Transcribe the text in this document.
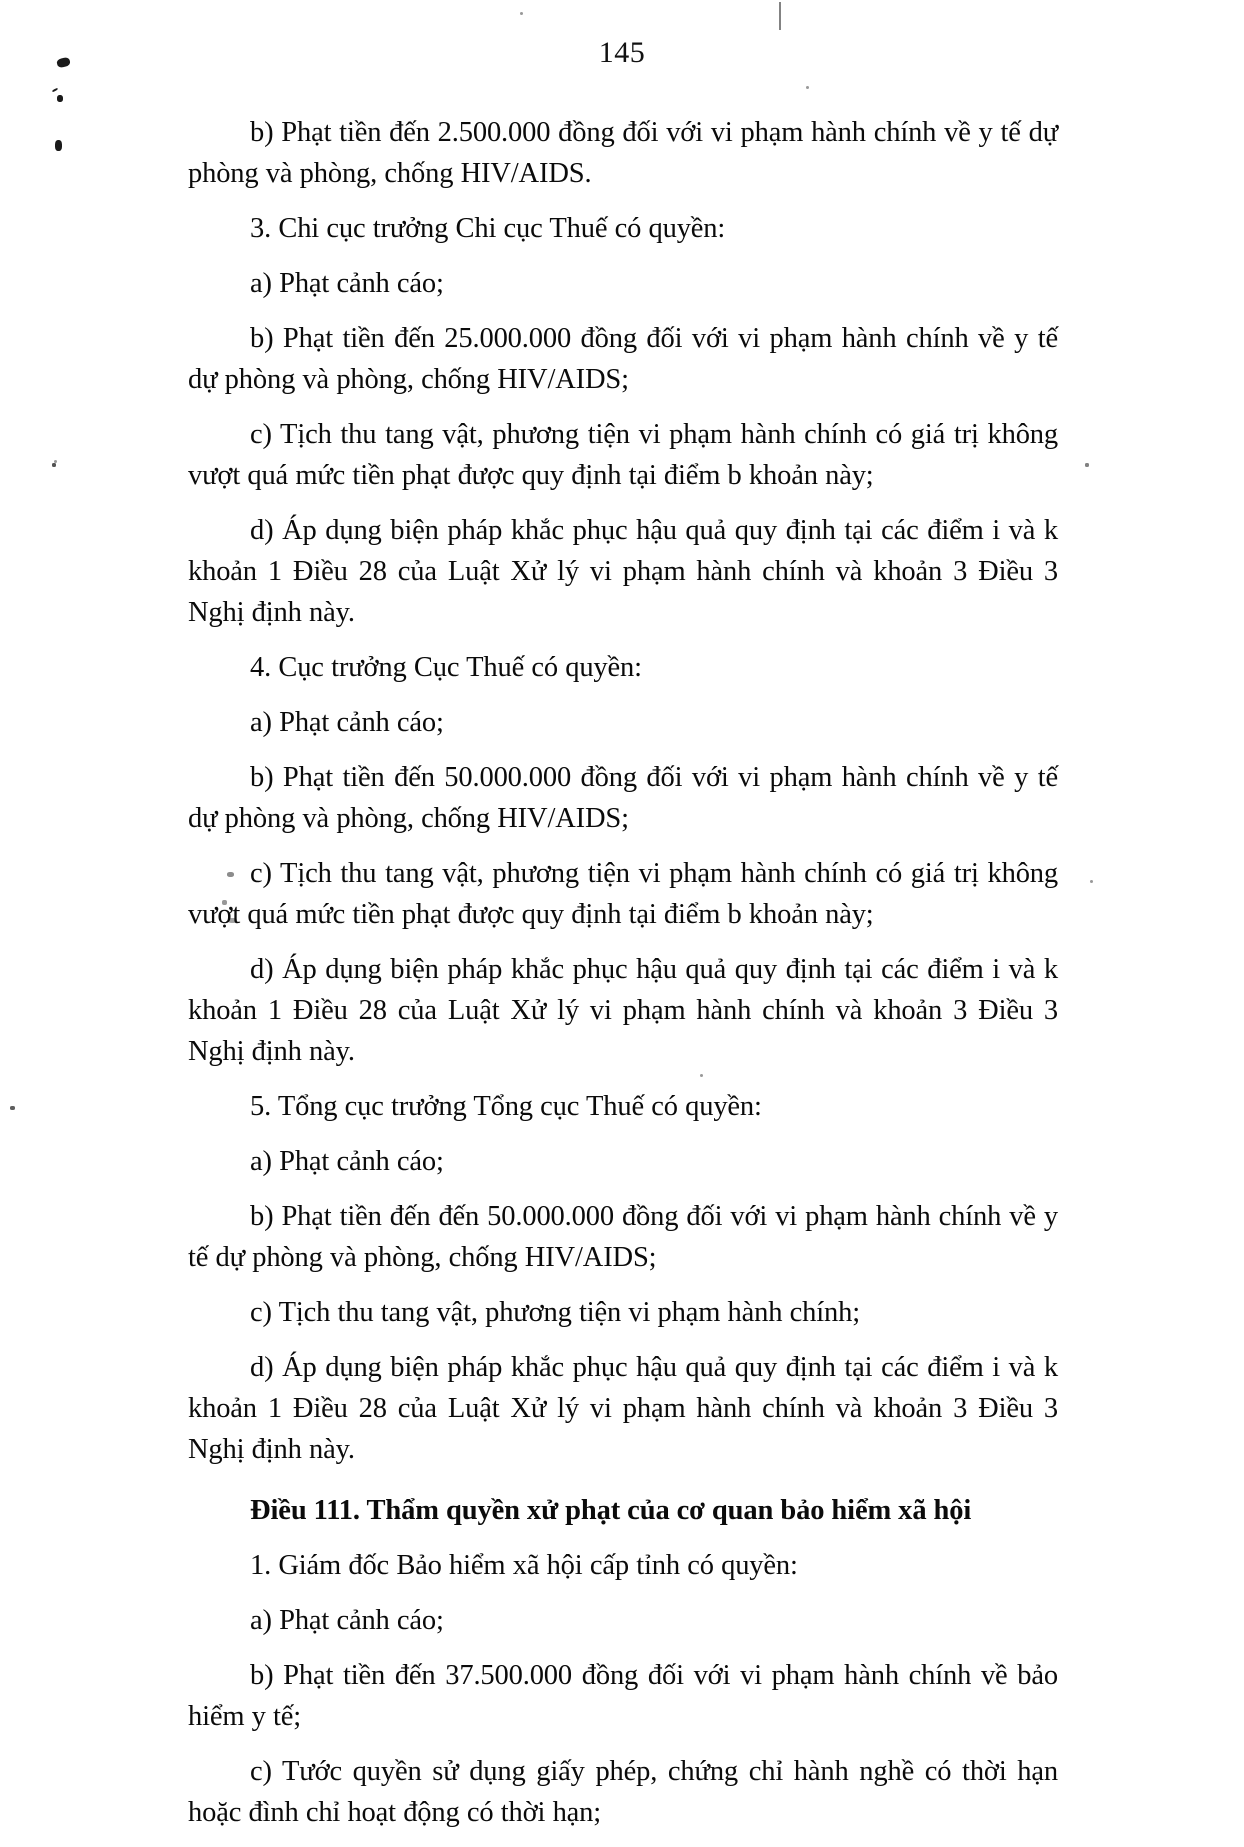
145

b) Phạt tiền đến 2.500.000 đồng đối với vi phạm hành chính về y tế dự phòng và phòng, chống HIV/AIDS.

3. Chi cục trưởng Chi cục Thuế có quyền:

a) Phạt cảnh cáo;

b) Phạt tiền đến 25.000.000 đồng đối với vi phạm hành chính về y tế dự phòng và phòng, chống HIV/AIDS;

c) Tịch thu tang vật, phương tiện vi phạm hành chính có giá trị không vượt quá mức tiền phạt được quy định tại điểm b khoản này;

d) Áp dụng biện pháp khắc phục hậu quả quy định tại các điểm i và k khoản 1 Điều 28 của Luật Xử lý vi phạm hành chính và khoản 3 Điều 3 Nghị định này.

4. Cục trưởng Cục Thuế có quyền:

a) Phạt cảnh cáo;

b) Phạt tiền đến 50.000.000 đồng đối với vi phạm hành chính về y tế dự phòng và phòng, chống HIV/AIDS;

c) Tịch thu tang vật, phương tiện vi phạm hành chính có giá trị không vượt quá mức tiền phạt được quy định tại điểm b khoản này;

d) Áp dụng biện pháp khắc phục hậu quả quy định tại các điểm i và k khoản 1 Điều 28 của Luật Xử lý vi phạm hành chính và khoản 3 Điều 3 Nghị định này.

5. Tổng cục trưởng Tổng cục Thuế có quyền:

a) Phạt cảnh cáo;

b) Phạt tiền đến đến 50.000.000 đồng đối với vi phạm hành chính về y tế dự phòng và phòng, chống HIV/AIDS;

c) Tịch thu tang vật, phương tiện vi phạm hành chính;

d) Áp dụng biện pháp khắc phục hậu quả quy định tại các điểm i và k khoản 1 Điều 28 của Luật Xử lý vi phạm hành chính và khoản 3 Điều 3 Nghị định này.

Điều 111. Thẩm quyền xử phạt của cơ quan bảo hiểm xã hội

1. Giám đốc Bảo hiểm xã hội cấp tỉnh có quyền:

a) Phạt cảnh cáo;

b) Phạt tiền đến 37.500.000 đồng đối với vi phạm hành chính về bảo hiểm y tế;

c) Tước quyền sử dụng giấy phép, chứng chỉ hành nghề có thời hạn hoặc đình chỉ hoạt động có thời hạn;
